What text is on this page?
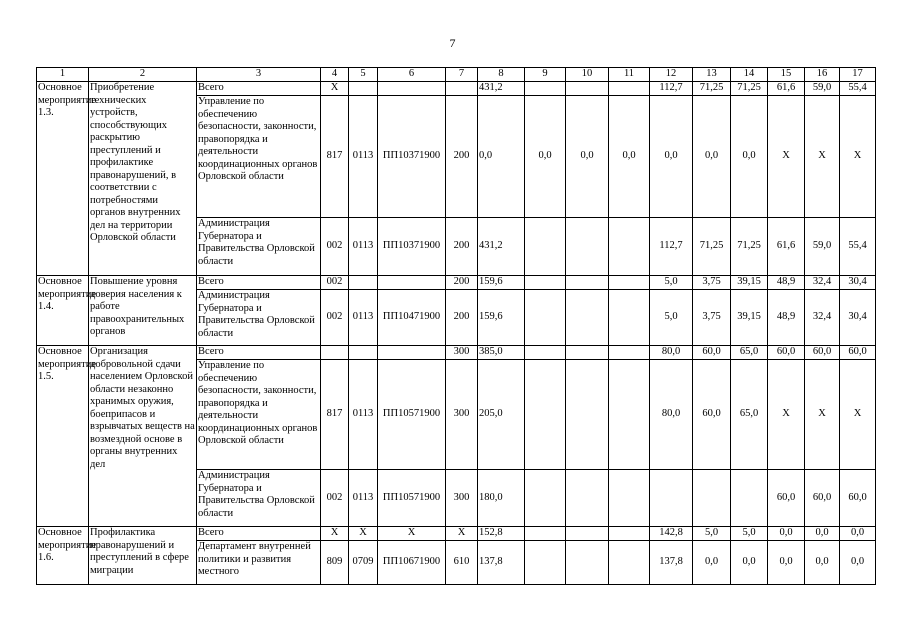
7
1	2	3	4	5	6	7	8	9	10	11	12	13	14	15	16	17
Основное мероприятие 1.3.	Приобретение технических устройств, способствующих раскрытию преступлений и профилактике правонарушений, в соответствии с потребностями органов внутренних дел на территории Орловской области	Всего	Х				431,2				112,7	71,25	71,25	61,6	59,0	55,4
		Управление по обеспечению безопасности, законности, правопорядка и деятельности координационных органов Орловской области	817	0113	ПП10371900	200	0,0	0,0	0,0	0,0	0,0	0,0	0,0	Х	Х	Х
		Администрация Губернатора и Правительства Орловской области	002	0113	ПП10371900	200	431,2				112,7	71,25	71,25	61,6	59,0	55,4
Основное мероприятие 1.4.	Повышение уровня доверия населения к работе правоохранительных органов	Всего	002			200	159,6				5,0	3,75	39,15	48,9	32,4	30,4
		Администрация Губернатора и Правительства Орловской области	002	0113	ПП10471900	200	159,6				5,0	3,75	39,15	48,9	32,4	30,4
Основное мероприятие 1.5.	Организация добровольной сдачи населением Орловской области незаконно хранимых оружия, боеприпасов и взрывчатых веществ на возмездной основе в органы внутренних дел	Всего				300	385,0				80,0	60,0	65,0	60,0	60,0	60,0
		Управление по обеспечению безопасности, законности, правопорядка и деятельности координационных органов Орловской области	817	0113	ПП10571900	300	205,0				80,0	60,0	65,0	Х	Х	Х
		Администрация Губернатора и Правительства Орловской области	002	0113	ПП10571900	300	180,0							60,0	60,0	60,0
Основное мероприятие 1.6.	Профилактика правонарушений и преступлений в сфере миграции	Всего	Х	Х	Х	Х	152,8				142,8	5,0	5,0	0,0	0,0	0,0
		Департамент внутренней политики и развития местного	809	0709	ПП10671900	610	137,8				137,8	0,0	0,0	0,0	0,0	0,0
